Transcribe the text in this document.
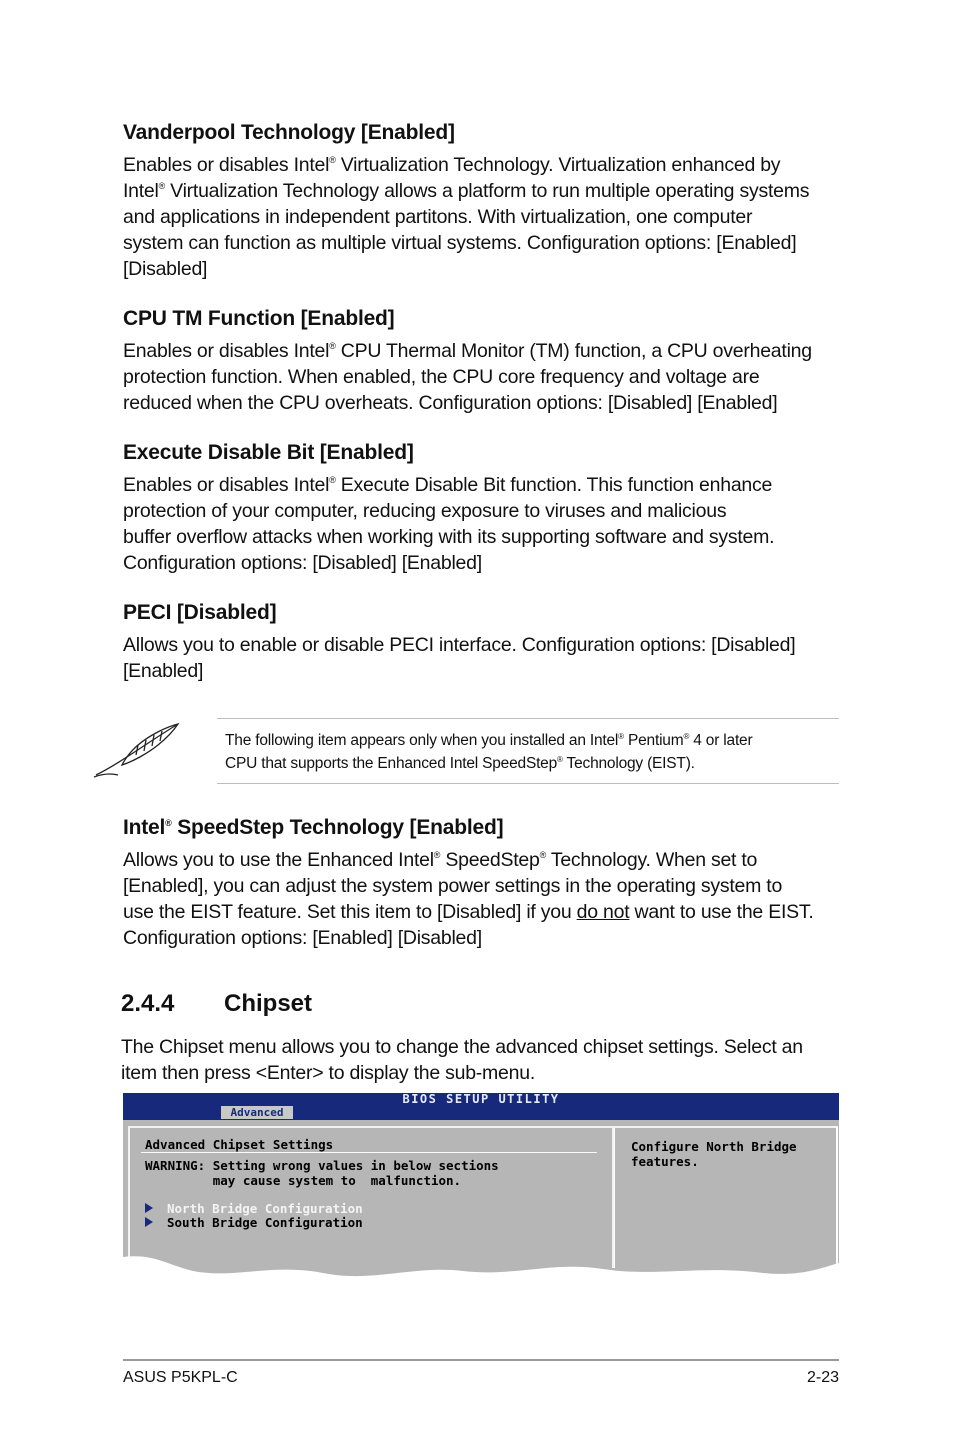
Vanderpool Technology [Enabled]
Enables or disables Intel® Virtualization Technology. Virtualization enhanced by
Intel® Virtualization Technology allows a platform to run multiple operating systems
and applications in independent partitons. With virtualization, one computer
system can function as multiple virtual systems. Configuration options: [Enabled]
[Disabled]
CPU TM Function [Enabled]
Enables or disables Intel® CPU Thermal Monitor (TM) function, a CPU overheating
protection function. When enabled, the CPU core frequency and voltage are
reduced when the CPU overheats. Configuration options: [Disabled] [Enabled]
Execute Disable Bit [Enabled]
Enables or disables Intel® Execute Disable Bit function. This function enhance
protection of your computer, reducing exposure to viruses and malicious
buffer overflow attacks when working with its supporting software and system.
Configuration options: [Disabled] [Enabled]
PECI [Disabled]
Allows you to enable or disable PECI interface. Configuration options: [Disabled]
[Enabled]
The following item appears only when you installed an Intel® Pentium® 4 or later
CPU that supports the Enhanced Intel SpeedStep® Technology (EIST).
Intel® SpeedStep Technology [Enabled]
Allows you to use the Enhanced Intel® SpeedStep® Technology. When set to
[Enabled], you can adjust the system power settings in the operating system to
use the EIST feature. Set this item to [Disabled] if you do not want to use the EIST.
Configuration options: [Enabled] [Disabled]
2.4.4 Chipset
The Chipset menu allows you to change the advanced chipset settings. Select an
item then press <Enter> to display the sub-menu.
BIOS SETUP UTILITY
Advanced
Advanced Chipset Settings
WARNING: Setting wrong values in below sections
may cause system to  malfunction.
North Bridge Configuration
South Bridge Configuration
Configure North Bridge
features.
ASUS P5KPL-C	2-23
